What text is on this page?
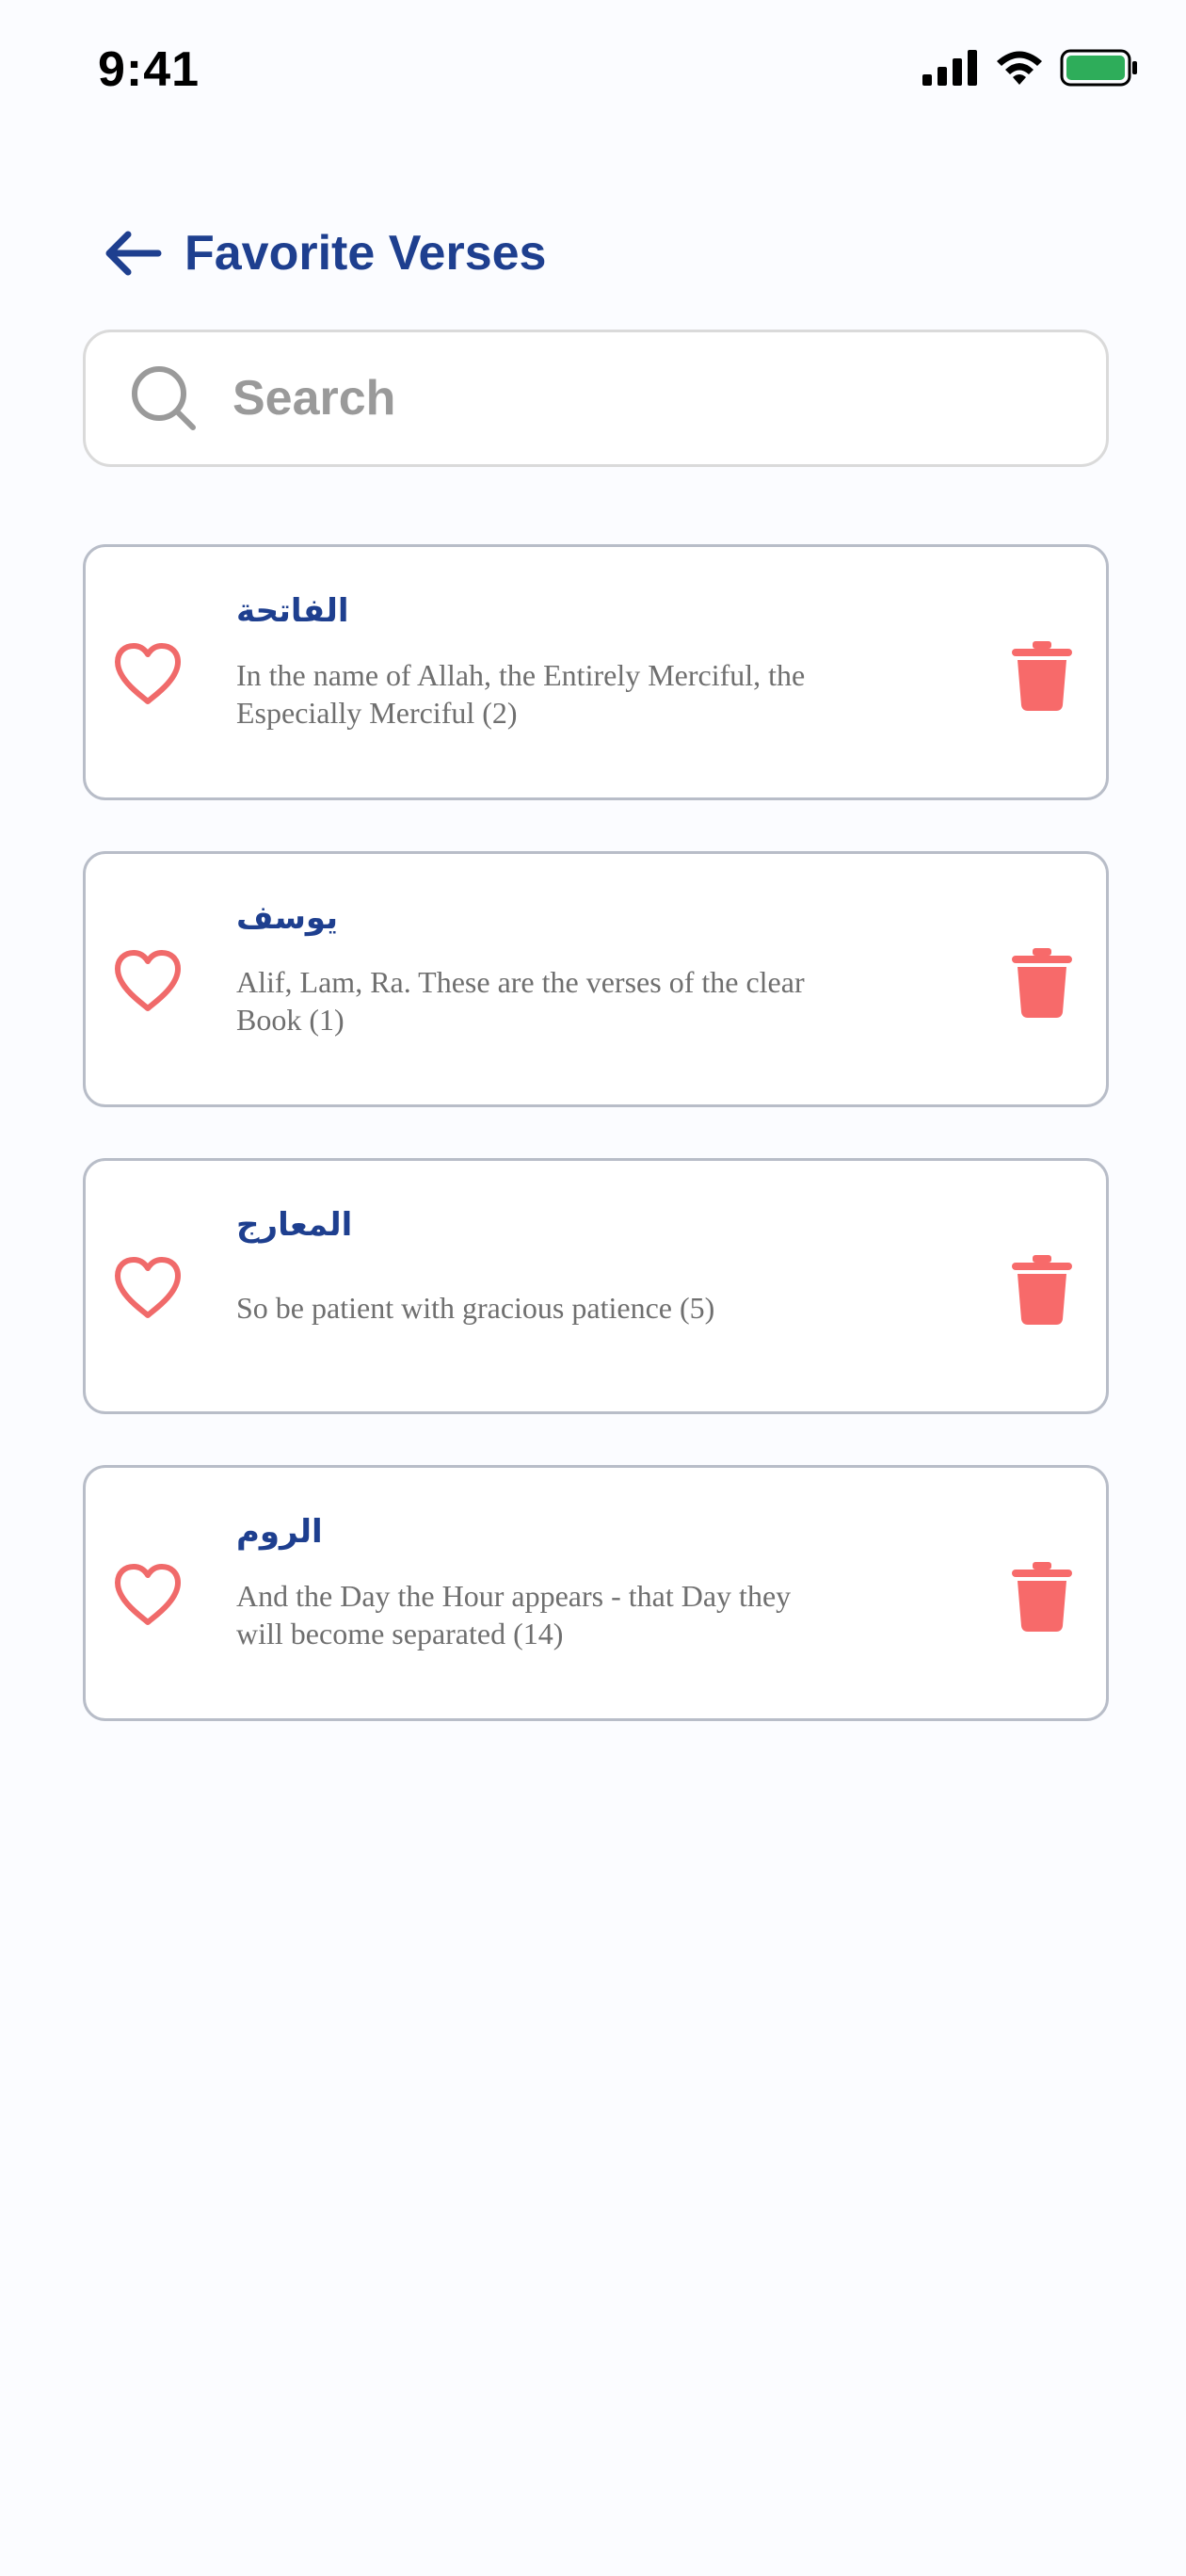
9:41
Favorite Verses
Search
الفاتحة
In the name of Allah, the Entirely Merciful, the Especially Merciful (2)
يوسف
Alif, Lam, Ra. These are the verses of the clear Book (1)
المعارج
So be patient with gracious patience (5)
الروم
And the Day the Hour appears - that Day they will become separated (14)
